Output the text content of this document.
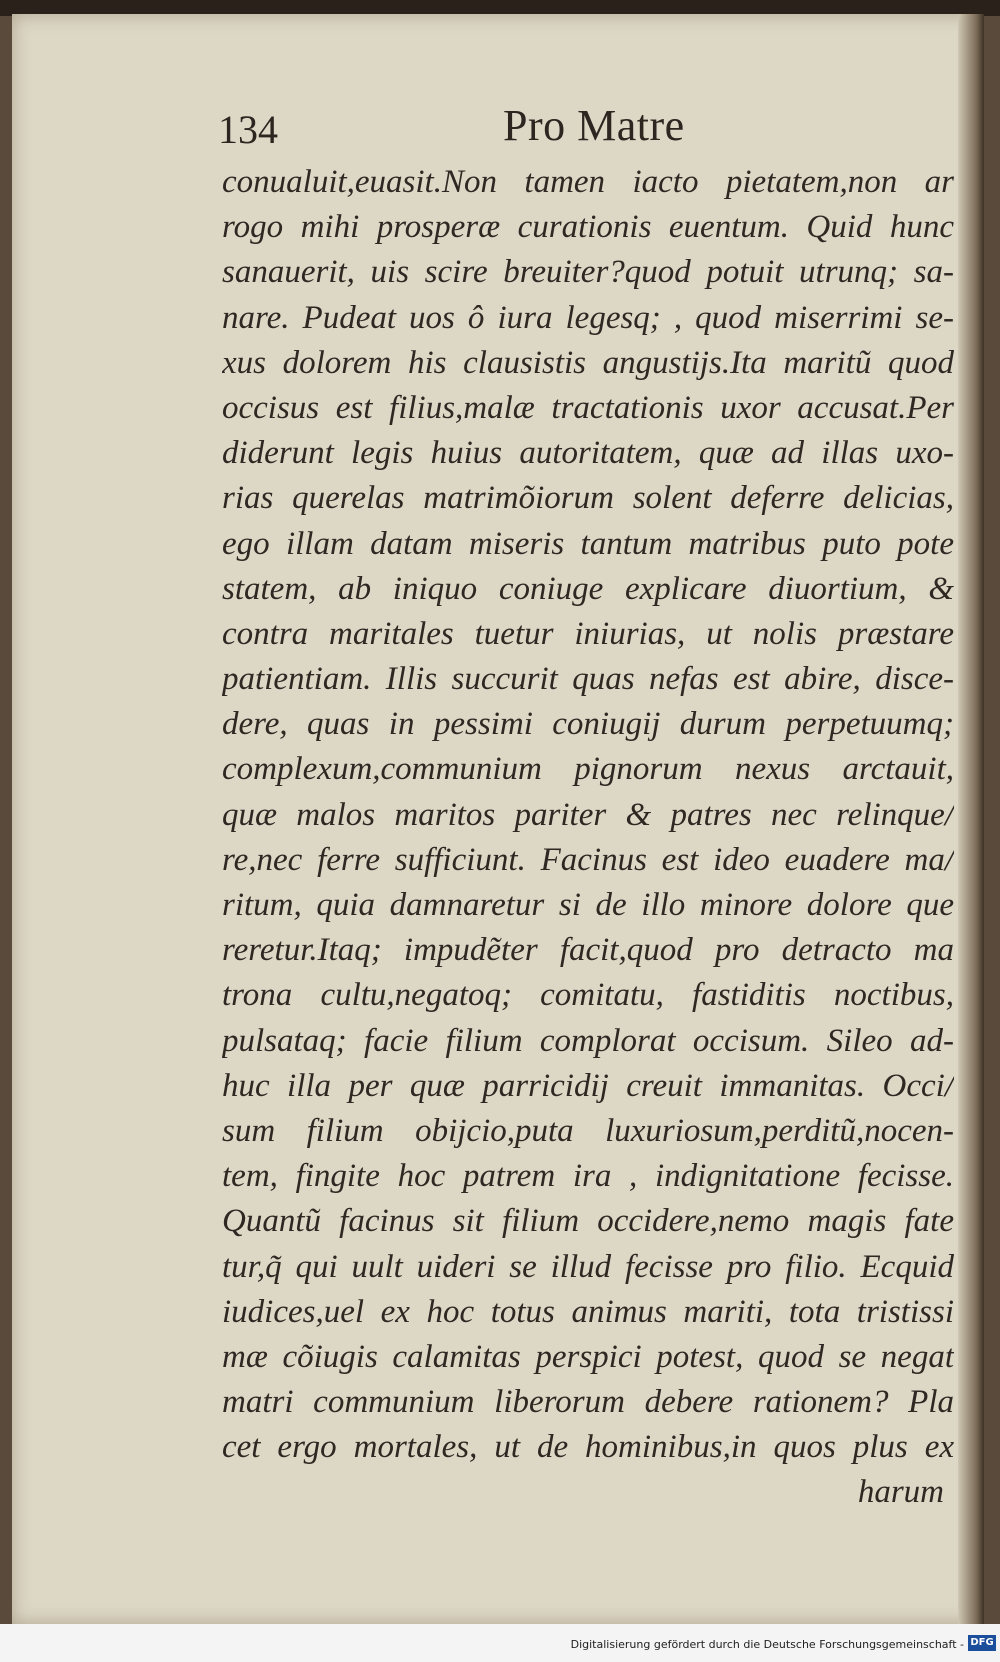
134	Pro Matre
conualuit,euasit.Non tamen iacto pietatem,non ar
rogo mihi prosperæ curationis euentum. Quid hunc
sanauerit, uis scire breuiter?quod potuit utrunq; sa-
nare. Pudeat uos ô iura legesq; , quod miserrimi se-
xus dolorem his clausistis angustijs.Ita maritũ quod
occisus est filius,malæ tractationis uxor accusat.Per
diderunt legis huius autoritatem, quæ ad illas uxo-
rias querelas matrimõiorum solent deferre delicias,
ego illam datam miseris tantum matribus puto pote
statem, ab iniquo coniuge explicare diuortium, &
contra maritales tuetur iniurias, ut nolis præstare
patientiam. Illis succurit quas nefas est abire, disce-
dere, quas in pessimi coniugij durum perpetuumq;
complexum,communium pignorum nexus arctauit,
quæ malos maritos pariter & patres nec relinque/
re,nec ferre sufficiunt. Facinus est ideo euadere ma/
ritum, quia damnaretur si de illo minore dolore que
reretur.Itaq; impudẽter facit,quod pro detracto ma
trona cultu,negatoq; comitatu, fastiditis noctibus,
pulsataq; facie filium complorat occisum. Sileo ad-
huc illa per quæ parricidij creuit immanitas. Occi/
sum filium obijcio,puta luxuriosum,perditũ,nocen-
tem, fingite hoc patrem ira , indignitatione fecisse.
Quantũ facinus sit filium occidere,nemo magis fate
tur,q̃ qui uult uideri se illud fecisse pro filio. Ecquid
iudices,uel ex hoc totus animus mariti, tota tristissi
mæ cõiugis calamitas perspici potest, quod se negat
matri communium liberorum debere rationem? Pla
cet ergo mortales, ut de hominibus,in quos plus ex
harum
Digitalisierung gefördert durch die Deutsche Forschungsgemeinschaft - DFG
